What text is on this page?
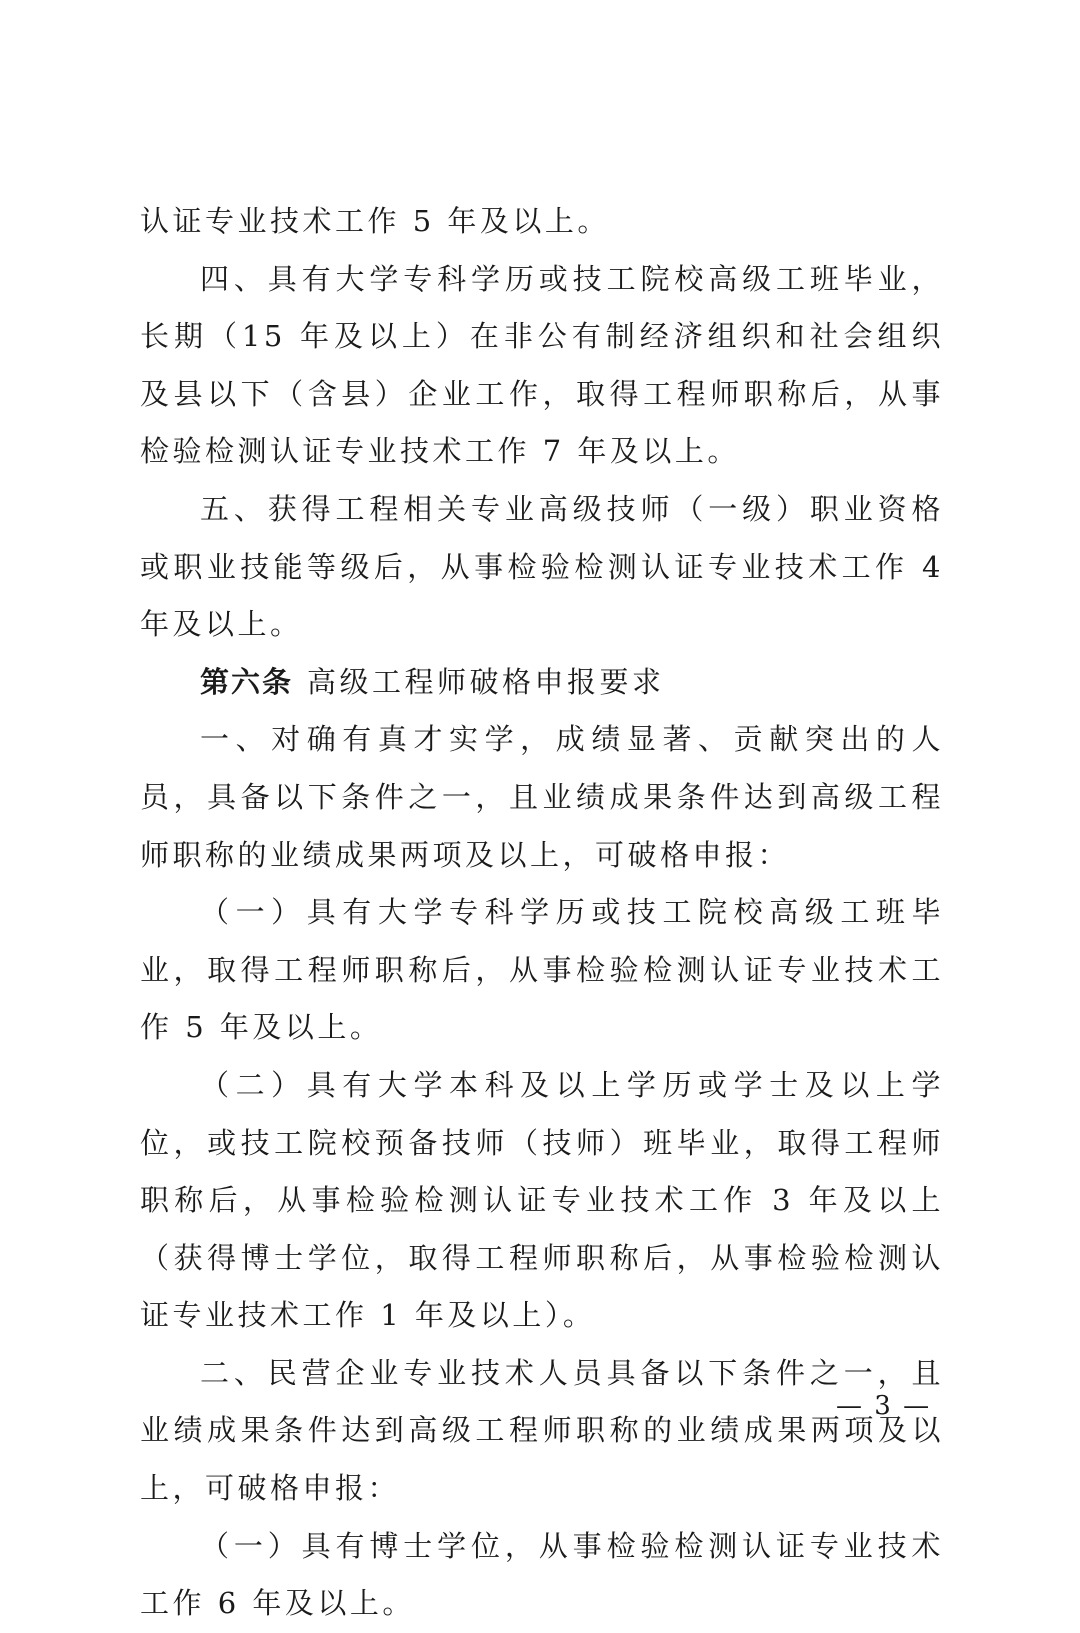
认证专业技术工作 5 年及以上。

四、具有大学专科学历或技工院校高级工班毕业，长期（15 年及以上）在非公有制经济组织和社会组织及县以下（含县）企业工作，取得工程师职称后，从事检验检测认证专业技术工作 7 年及以上。

五、获得工程相关专业高级技师（一级）职业资格或职业技能等级后，从事检验检测认证专业技术工作 4 年及以上。

第六条 高级工程师破格申报要求

一、对确有真才实学，成绩显著、贡献突出的人员，具备以下条件之一，且业绩成果条件达到高级工程师职称的业绩成果两项及以上，可破格申报：

（一）具有大学专科学历或技工院校高级工班毕业，取得工程师职称后，从事检验检测认证专业技术工作 5 年及以上。

（二）具有大学本科及以上学历或学士及以上学位，或技工院校预备技师（技师）班毕业，取得工程师职称后，从事检验检测认证专业技术工作 3 年及以上（获得博士学位，取得工程师职称后，从事检验检测认证专业技术工作 1 年及以上）。

二、民营企业专业技术人员具备以下条件之一，且业绩成果条件达到高级工程师职称的业绩成果两项及以上，可破格申报：

（一）具有博士学位，从事检验检测认证专业技术工作 6 年及以上。

— 3 —
